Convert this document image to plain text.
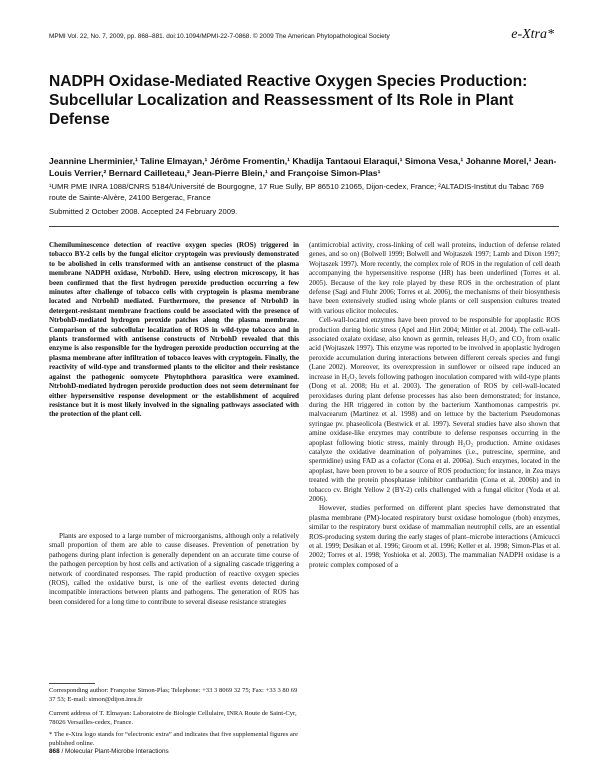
MPMI Vol. 22, No. 7, 2009, pp. 868–881. doi:10.1094/MPMI-22-7-0868. © 2009 The American Phytopathological Society	e-Xtra*
NADPH Oxidase-Mediated Reactive Oxygen Species Production: Subcellular Localization and Reassessment of Its Role in Plant Defense
Jeannine Lherminier,¹ Taline Elmayan,¹ Jérôme Fromentin,¹ Khadija Tantaoui Elaraqui,¹ Simona Vesa,¹ Johanne Morel,¹ Jean-Louis Verrier,² Bernard Cailleteau,² Jean-Pierre Blein,¹ and Françoise Simon-Plas¹
¹UMR PME INRA 1088/CNRS 5184/Université de Bourgogne, 17 Rue Sully, BP 86510 21065, Dijon-cedex, France; ²ALTADIS-Institut du Tabac 769 route de Sainte-Alvère, 24100 Bergerac, France
Submitted 2 October 2008. Accepted 24 February 2009.
Chemiluminescence detection of reactive oxygen species (ROS) triggered in tobacco BY-2 cells by the fungal elicitor cryptogein was previously demonstrated to be abolished in cells transformed with an antisense construct of the plasma membrane NADPH oxidase, NtrbohD. Here, using electron microscopy, it has been confirmed that the first hydrogen peroxide production occurring a few minutes after challenge of tobacco cells with cryptogein is plasma membrane located and NtrbohD mediated. Furthermore, the presence of NtrbohD in detergent-resistant membrane fractions could be associated with the presence of NtrbohD-mediated hydrogen peroxide patches along the plasma membrane. Comparison of the subcellular localization of ROS in wild-type tobacco and in plants transformed with antisense constructs of NtrbohD revealed that this enzyme is also responsible for the hydrogen peroxide production occurring at the plasma membrane after infiltration of tobacco leaves with cryptogein. Finally, the reactivity of wild-type and transformed plants to the elicitor and their resistance against the pathogenic oomycete Phytophthora parasitica were examined. NtrbohD-mediated hydrogen peroxide production does not seem determinant for either hypersensitive response development or the establishment of acquired resistance but it is most likely involved in the signaling pathways associated with the protection of the plant cell.
Plants are exposed to a large number of microorganisms, although only a relatively small proportion of them are able to cause diseases. Prevention of penetration by pathogens during plant infection is generally dependent on an accurate time course of the pathogen perception by host cells and activation of a signaling cascade triggering a network of coordinated responses. The rapid production of reactive oxygen species (ROS), called the oxidative burst, is one of the earliest events detected during incompatible interactions between plants and pathogens. The generation of ROS has been considered for a long time to contribute to several disease resistance strategies
Corresponding author: Françoise Simon-Plas; Telephone: +33 3 8069 32 75; Fax: +33 3 80 69 37 53; E-mail: simon@dijon.inra.fr
Current address of T. Elmayan: Laboratoire de Biologie Cellulaire, INRA Route de Saint-Cyr, 78026 Versailles-cedex, France.
* The e-Xtra logo stands for “electronic extra” and indicates that five supplemental figures are published online.

(antimicrobial activity, cross-linking of cell wall proteins, induction of defense related genes, and so on) (Bolwell 1999; Bolwell and Wojtaszek 1997; Lamb and Dixon 1997; Wojtaszek 1997). More recently, the complex role of ROS in the regulation of cell death accompanying the hypersensitive response (HR) has been underlined (Torres et al. 2005). Because of the key role played by these ROS in the orchestration of plant defense (Sagi and Fluhr 2006; Torres et al. 2006), the mechanisms of their biosynthesis have been extensively studied using whole plants or cell suspension cultures treated with various elicitor molecules.

Cell-wall-located enzymes have been proved to be responsible for apoplastic ROS production during biotic stress (Apel and Hirt 2004; Mittler et al. 2004). The cell-wall-associated oxalate oxidase, also known as germin, releases H₂O₂ and CO₂ from oxalic acid (Wojtaszek 1997). This enzyme was reported to be involved in apoplastic hydrogen peroxide accumulation during interactions between different cereals species and fungi (Lane 2002). Moreover, its overexpression in sunflower or oilseed rape induced an increase in H₂O₂ levels following pathogen inoculation compared with wild-type plants (Dong et al. 2008; Hu et al. 2003). The generation of ROS by cell-wall-located peroxidases during plant defense processes has also been demonstrated; for instance, during the HR triggered in cotton by the bacterium Xanthomonas campestris pv. malvacearum (Martinez et al. 1998) and on lettuce by the bacterium Pseudomonas syringae pv. phaseolicola (Bestwick et al. 1997). Several studies have also shown that amine oxidase-like enzymes may contribute to defense responses occurring in the apoplast following biotic stress, mainly through H₂O₂ production. Amine oxidases catalyze the oxidative deamination of polyamines (i.e., putrescine, spermine, and spermidine) using FAD as a cofactor (Cona et al. 2006a). Such enzymes, located in the apoplast, have been proven to be a source of ROS production; for instance, in Zea mays treated with the protein phosphatase inhibitor cantharidin (Cona et al. 2006b) and in tobacco cv. Bright Yellow 2 (BY-2) cells challenged with a fungal elicitor (Yoda et al. 2006).

However, studies performed on different plant species have demonstrated that plasma membrane (PM)-located respiratory burst oxidase homologue (rboh) enzymes, similar to the respiratory burst oxidase of mammalian neutrophil cells, are an essential ROS-producing system during the early stages of plant–microbe interactions (Amicucci et al. 1999; Desikan et al. 1996; Groom et al. 1996; Keller et al. 1998; Simon-Plas et al. 2002; Torres et al. 1998; Yoshioka et al. 2003). The mammalian NADPH oxidase is a proteic complex composed of a

868 / Molecular Plant-Microbe Interactions
